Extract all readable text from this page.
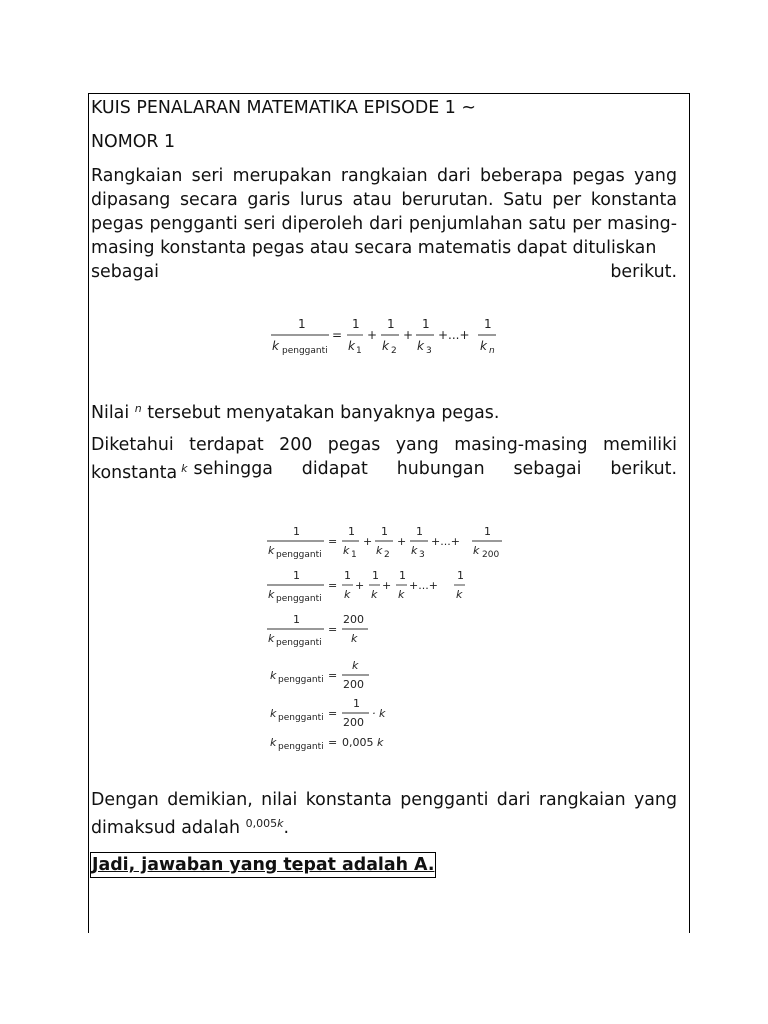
KUIS PENALARAN MATEMATIKA EPISODE 1 ~
NOMOR 1
Rangkaian seri merupakan rangkaian dari beberapa pegas yang dipasang secara garis lurus atau berurutan. Satu per konstanta pegas pengganti seri diperoleh dari penjumlahan satu per masing-masing konstanta pegas atau secara matematis dapat dituliskan
sebagai berikut.
1
k pengganti
=
1
k 1
+
1
k 2
+
1
k 3
+...+
1
k n
Nilai $^n$ tersebut menyatakan banyaknya pegas.
Diketahui terdapat 200 pegas yang masing-masing memiliki
konstanta $^k$ sehingga didapat hubungan sebagai berikut.
1
k pengganti
=
1
k 1
+
1
k 2
+
1
k 3
+...+
1
k 200
1
k pengganti
=
1
k
+
1
k
+
1
k
+...+
1
k
1
k pengganti
=
200
k
k pengganti =
k
200
k pengganti =
1
200
· k
k pengganti = 0,005 k
Dengan demikian, nilai konstanta pengganti dari rangkaian yang
dimaksud adalah $^{0,005k}$.
Jadi, jawaban yang tepat adalah A.
